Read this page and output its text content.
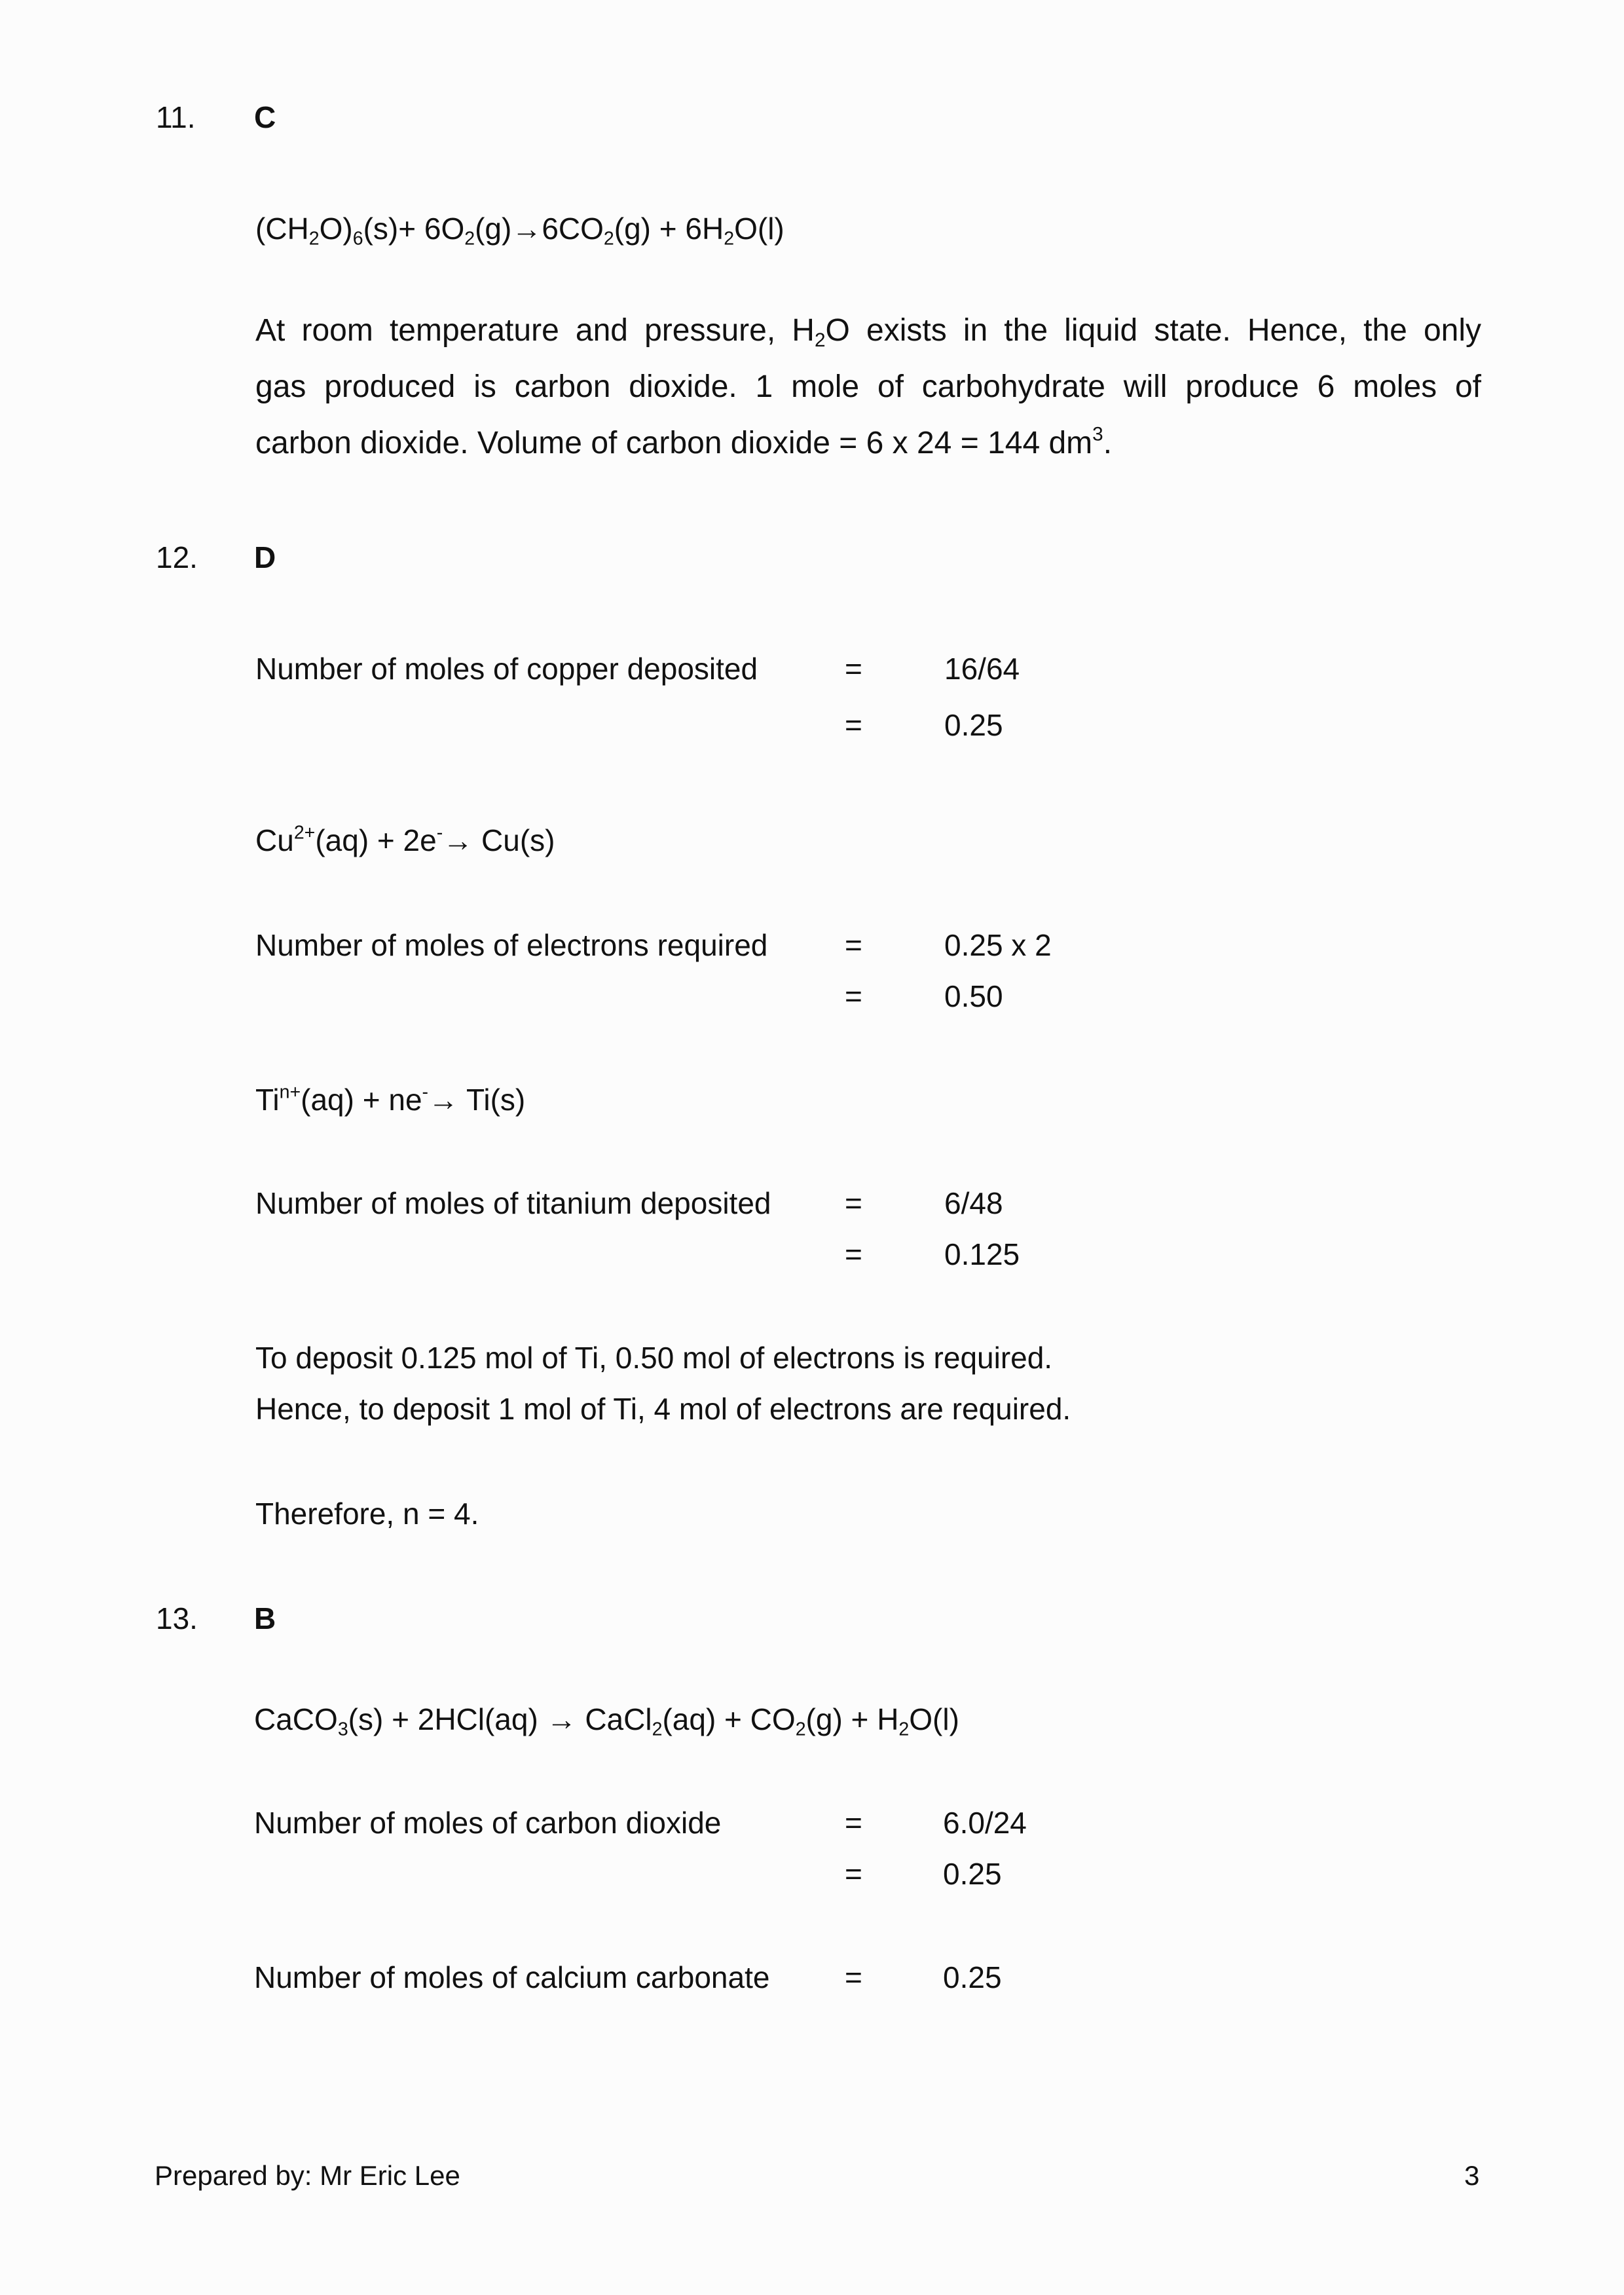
11. C
$(CH_2O)_6(s)+ 6O_2(g)\to 6CO_2(g) + 6H_2O(l)$
At room temperature and pressure, $H_2O$ exists in the liquid state. Hence, the only
gas produced is carbon dioxide. 1 mole of carbohydrate will produce 6 moles of
carbon dioxide. Volume of carbon dioxide = 6 x 24 = 144 $dm^3$.
12. D
Number of moles of copper deposited	=	16/64
=	0.25
$Cu^{2+}(aq) + 2e^-\to Cu(s)$
Number of moles of electrons required	=	0.25 x 2
=	0.50
$Ti^{n+}(aq) + ne^-\to Ti(s)$
Number of moles of titanium deposited =	6/48
=	0.125
To deposit 0.125 mol of Ti, 0.50 mol of electrons is required.
Hence, to deposit 1 mol of Ti, 4 mol of electrons are required.
Therefore, n = 4.
13. B
CaCO$_3$(s) + 2HCl(aq) → CaCl$_2$(aq) + $CO_2(g) + H_2O(l)$
Number of moles of carbon dioxide	=	6.0/24
=	0.25
Number of moles of calcium carbonate =	0.25
Prepared by: Mr Eric Lee	3
